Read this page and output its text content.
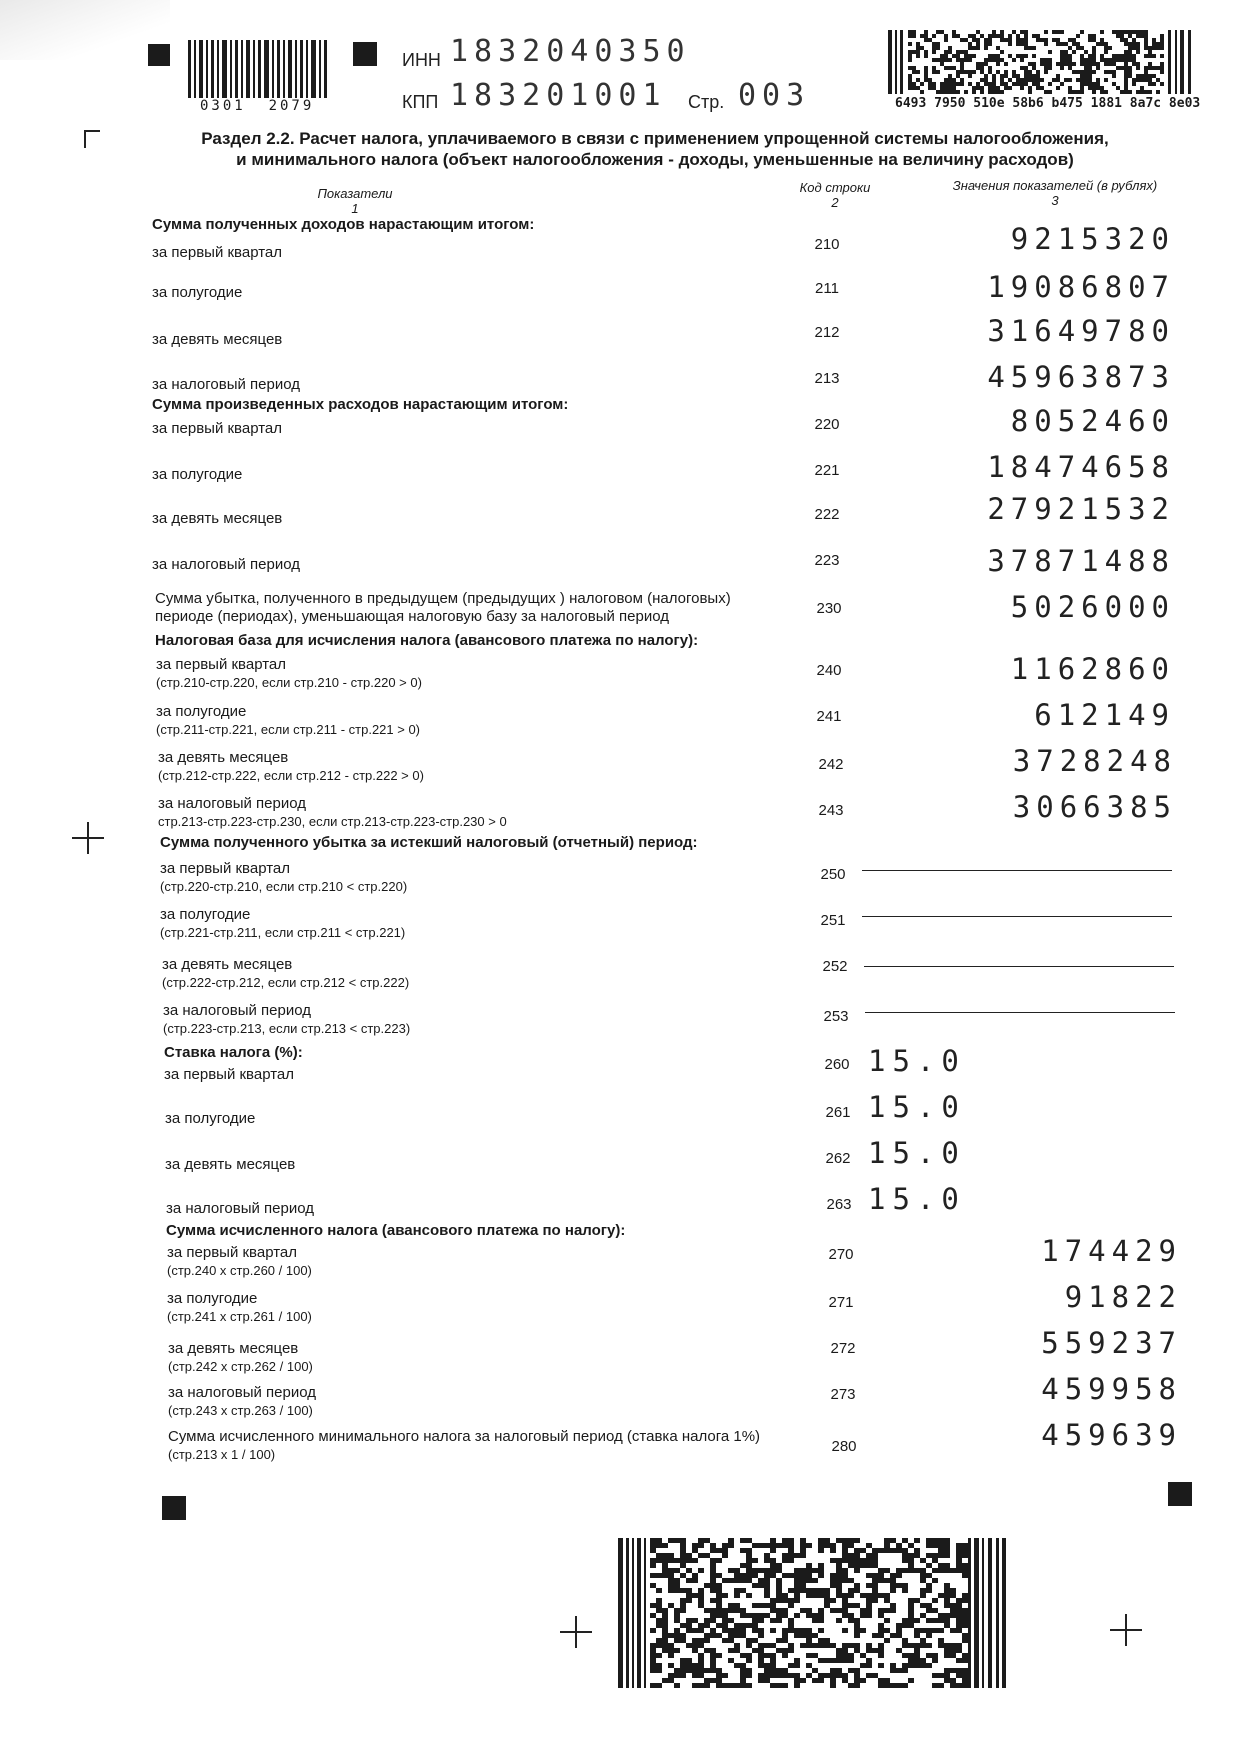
0301  2079
ИНН 1832040350
КПП 183201001 Стр. 003	6493 7950 510e 58b6 b475 1881 8a7c 8e03
Раздел 2.2. Расчет налога, уплачиваемого в связи с применением упрощенной системы налогообложения,
и минимального налога (объект налогообложения - доходы, уменьшенные на величину расходов)
Показатели
1
Код строки
2
Значения показателей (в рублях)
3
Сумма полученных доходов нарастающим итогом:
за первый квартал	210	9215320
за полугодие	211	19086807
за девять месяцев	212	31649780
за налоговый период	213	45963873
Сумма произведенных расходов нарастающим итогом:
за первый квартал	220	8052460
за полугодие	221	18474658
за девять месяцев	222	27921532
за налоговый период	223	37871488
Сумма убытка, полученного в предыдущем (предыдущих ) налоговом (налоговых)
периоде (периодах), уменьшающая налоговую базу за налоговый период	230	5026000
Налоговая база для исчисления налога (авансового платежа по налогу):
за первый квартал
(стр.210-стр.220, если стр.210 - стр.220 > 0)
240	1162860
за полугодие
(стр.211-стр.221, если стр.211 - стр.221 > 0)
241	612149
за девять месяцев
(стр.212-стр.222, если стр.212 - стр.222 > 0)
242	3728248
за налоговый период
стр.213-стр.223-стр.230, если стр.213-стр.223-стр.230 > 0
243	3066385
Сумма полученного убытка за истекший налоговый (отчетный) период:
за первый квартал
(стр.220-стр.210, если стр.210 < стр.220)
250
за полугодие
(стр.221-стр.211, если стр.211 < стр.221)
251
за девять месяцев
(стр.222-стр.212, если стр.212 < стр.222)
252
за налоговый период
(стр.223-стр.213, если стр.213 < стр.223)
253
Ставка налога (%):
за первый квартал
260 15.0
за полугодие	261 15.0
за девять месяцев	262 15.0
за налоговый период	263 15.0
Сумма исчисленного налога (авансового платежа по налогу):
за первый квартал
(стр.240 х стр.260 / 100)
270	174429
за полугодие
(стр.241 х стр.261 / 100)
271	91822
за девять месяцев
(стр.242 х стр.262 / 100)
272	559237
за налоговый период
(стр.243 х стр.263 / 100)
273	459958
Сумма исчисленного минимального налога за налоговый период (ставка налога 1%)
(стр.213 х 1 / 100)	280	459639
